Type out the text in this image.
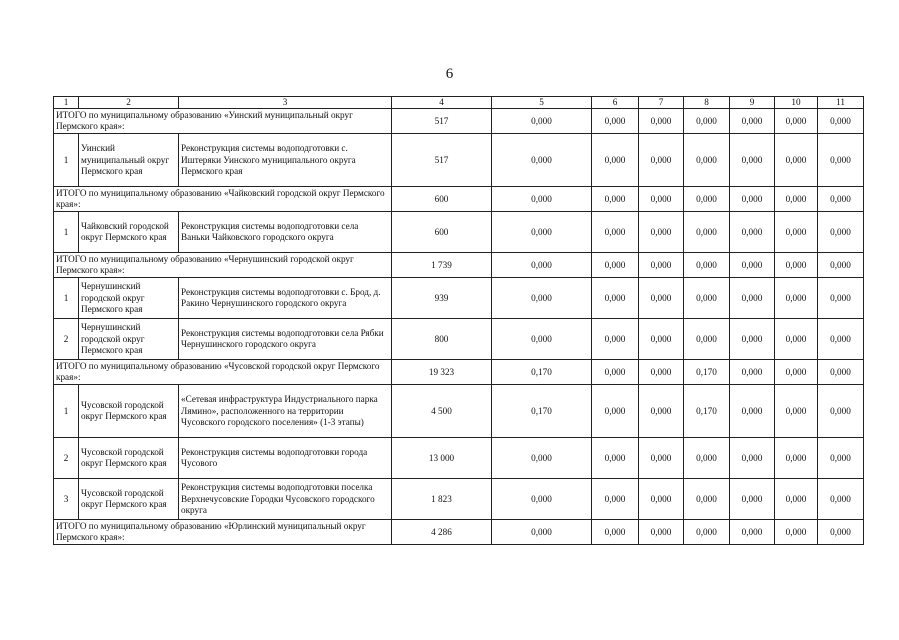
6
1	2	3	4	5	6	7	8	9	10	11
ИТОГО по муниципальному образованию «Уинский муниципальный округ Пермского края»:			517	0,000	0,000	0,000	0,000	0,000	0,000	0,000
1	Уинский муниципальный округ Пермского края	Реконструкция системы водоподготовки с. Иштеряки Уинского муниципального округа Пермского края	517	0,000	0,000	0,000	0,000	0,000	0,000	0,000
ИТОГО по муниципальному образованию «Чайковский городской округ Пермского края»:			600	0,000	0,000	0,000	0,000	0,000	0,000	0,000
1	Чайковский городской округ Пермского края	Реконструкция системы водоподготовки села Ваньки Чайковского городского округа	600	0,000	0,000	0,000	0,000	0,000	0,000	0,000
ИТОГО по муниципальному образованию «Чернушинский городской округ Пермского края»:			1 739	0,000	0,000	0,000	0,000	0,000	0,000	0,000
1	Чернушинский городской округ Пермского края	Реконструкция системы водоподготовки с. Брод, д. Ракино Чернушинского городского округа	939	0,000	0,000	0,000	0,000	0,000	0,000	0,000
2	Чернушинский городской округ Пермского края	Реконструкция системы водоподготовки села Рябки Чернушинского городского округа	800	0,000	0,000	0,000	0,000	0,000	0,000	0,000
ИТОГО по муниципальному образованию «Чусовской городской округ Пермского края»:			19 323	0,170	0,000	0,000	0,170	0,000	0,000	0,000
1	Чусовской городской округ Пермского края	«Сетевая инфраструктура Индустриального парка Лямино», расположенного на территории Чусовского городского поселения» (1-3 этапы)	4 500	0,170	0,000	0,000	0,170	0,000	0,000	0,000
2	Чусовской городской округ Пермского края	Реконструкция системы водоподготовки города Чусового	13 000	0,000	0,000	0,000	0,000	0,000	0,000	0,000
3	Чусовской городской округ Пермского края	Реконструкция системы водоподготовки поселка Верхнечусовские Городки Чусовского городского округа	1 823	0,000	0,000	0,000	0,000	0,000	0,000	0,000
ИТОГО по муниципальному образованию «Юрлинский муниципальный округ Пермского края»:			4 286	0,000	0,000	0,000	0,000	0,000	0,000	0,000
